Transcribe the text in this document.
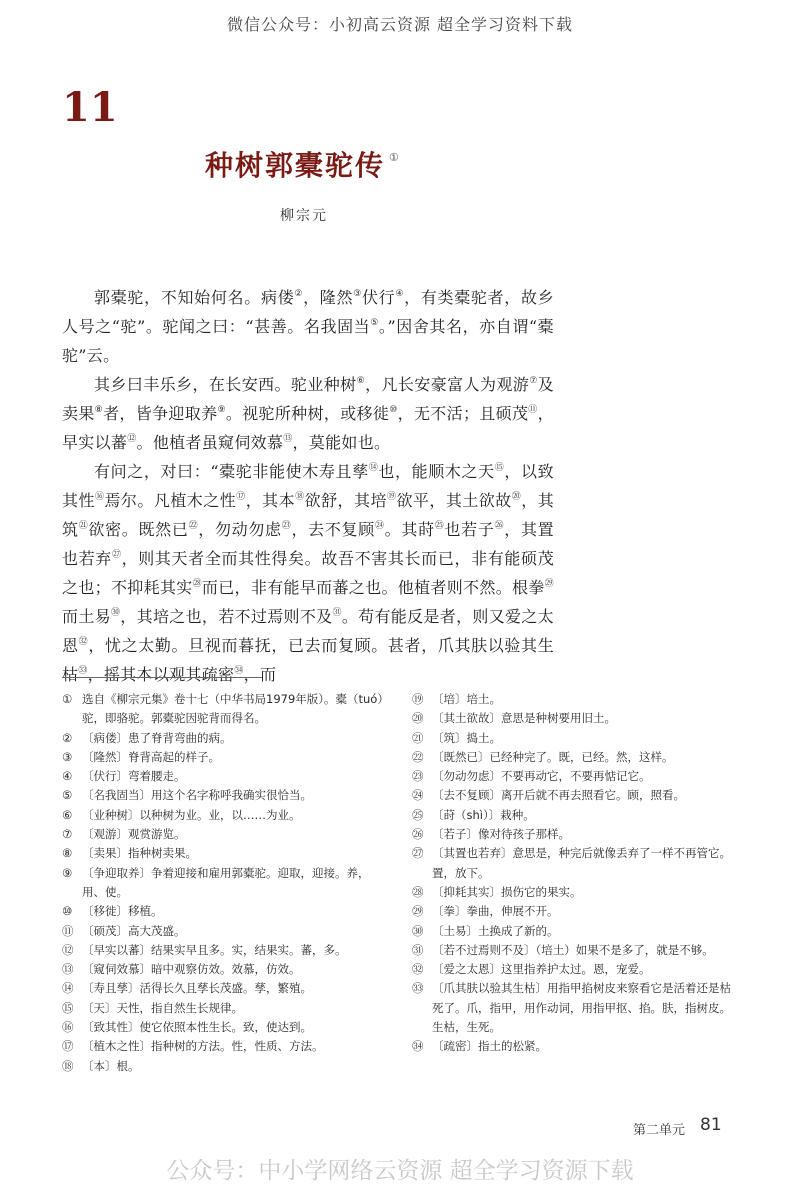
微信公众号：小初高云资源 超全学习资料下载
11
种树郭橐驼传 ①
柳宗元

郭橐驼，不知始何名。病偻②，隆然③伏行④，有类橐驼者，故乡人号之“驼”。驼闻之曰：“甚善。名我固当⑤。”因舍其名，亦自谓“橐驼”云。

其乡曰丰乐乡，在长安西。驼业种树⑥，凡长安豪富人为观游⑦及卖果⑧者，皆争迎取养⑨。视驼所种树，或移徙⑩，无不活；且硕茂⑪，早实以蕃⑫。他植者虽窥伺效慕⑬，莫能如也。

有问之，对曰：“橐驼非能使木寿且孳⑭也，能顺木之天⑮，以致其性⑯焉尔。凡植木之性⑰，其本⑱欲舒，其培⑲欲平，其土欲故⑳，其筑$^㉑$欲密。既然已$^㉒$，勿动勿虑$^㉓$，去不复顾$^㉔$。其莳$^㉕$也若子$^㉖$，其置也若弃$^㉗$，则其天者全而其性得矣。故吾不害其长而已，非有能硕茂之也；不抑耗其实$^㉘$而已，非有能早而蕃之也。他植者则不然。根拳$^㉙$而土易$^㉚$，其培之也，若不过焉则不及$^㉛$。苟有能反是者，则又爱之太恩$^㉜$，忧之太勤。旦视而暮抚，已去而复顾。甚者，爪其肤以验其生枯$^㉝$，摇其本以观其疏密$^㉞$，而

① 选自《柳宗元集》卷十七（中华书局1979年版）。橐（tuó）驼，即骆驼。郭橐驼因驼背而得名。
② 〔病偻〕患了脊背弯曲的病。
③ 〔隆然〕脊背高起的样子。
④ 〔伏行〕弯着腰走。
⑤ 〔名我固当〕用这个名字称呼我确实很恰当。
⑥ 〔业种树〕以种树为业。业，以……为业。
⑦ 〔观游〕观赏游览。
⑧ 〔卖果〕指种树卖果。
⑨ 〔争迎取养〕争着迎接和雇用郭橐驼。迎取，迎接。养，用、使。
⑩ 〔移徙〕移植。
⑪ 〔硕茂〕高大茂盛。
⑫ 〔早实以蕃〕结果实早且多。实，结果实。蕃，多。
⑬ 〔窥伺效慕〕暗中观察仿效。效慕，仿效。
⑭ 〔寿且孳〕活得长久且孳长茂盛。孳，繁殖。
⑮ 〔天〕天性，指自然生长规律。
⑯ 〔致其性〕使它依照本性生长。致，使达到。
⑰ 〔植木之性〕指种树的方法。性，性质、方法。
⑱ 〔本〕根。
⑲ 〔培〕培土。
⑳ 〔其土欲故〕意思是种树要用旧土。
㉑ 〔筑〕捣土。
㉒ 〔既然已〕已经种完了。既，已经。然，这样。
㉓ 〔勿动勿虑〕不要再动它，不要再惦记它。
㉔ 〔去不复顾〕离开后就不再去照看它。顾，照看。
㉕ 〔莳（shì）〕栽种。
㉖ 〔若子〕像对待孩子那样。
㉗ 〔其置也若弃〕意思是，种完后就像丢弃了一样不再管它。置，放下。
㉘ 〔抑耗其实〕损伤它的果实。
㉙ 〔拳〕拳曲，伸展不开。
㉚ 〔土易〕土换成了新的。
㉛ 〔若不过焉则不及〕（培土）如果不是多了，就是不够。
㉜ 〔爱之太恩〕这里指养护太过。恩，宠爱。
㉝ 〔爪其肤以验其生枯〕用指甲掐树皮来察看它是活着还是枯死了。爪，指甲，用作动词，用指甲抠、掐。肤，指树皮。生枯，生死。
㉞ 〔疏密〕指土的松紧。
第二单元 81
公众号：中小学网络云资源 超全学习资源下载
